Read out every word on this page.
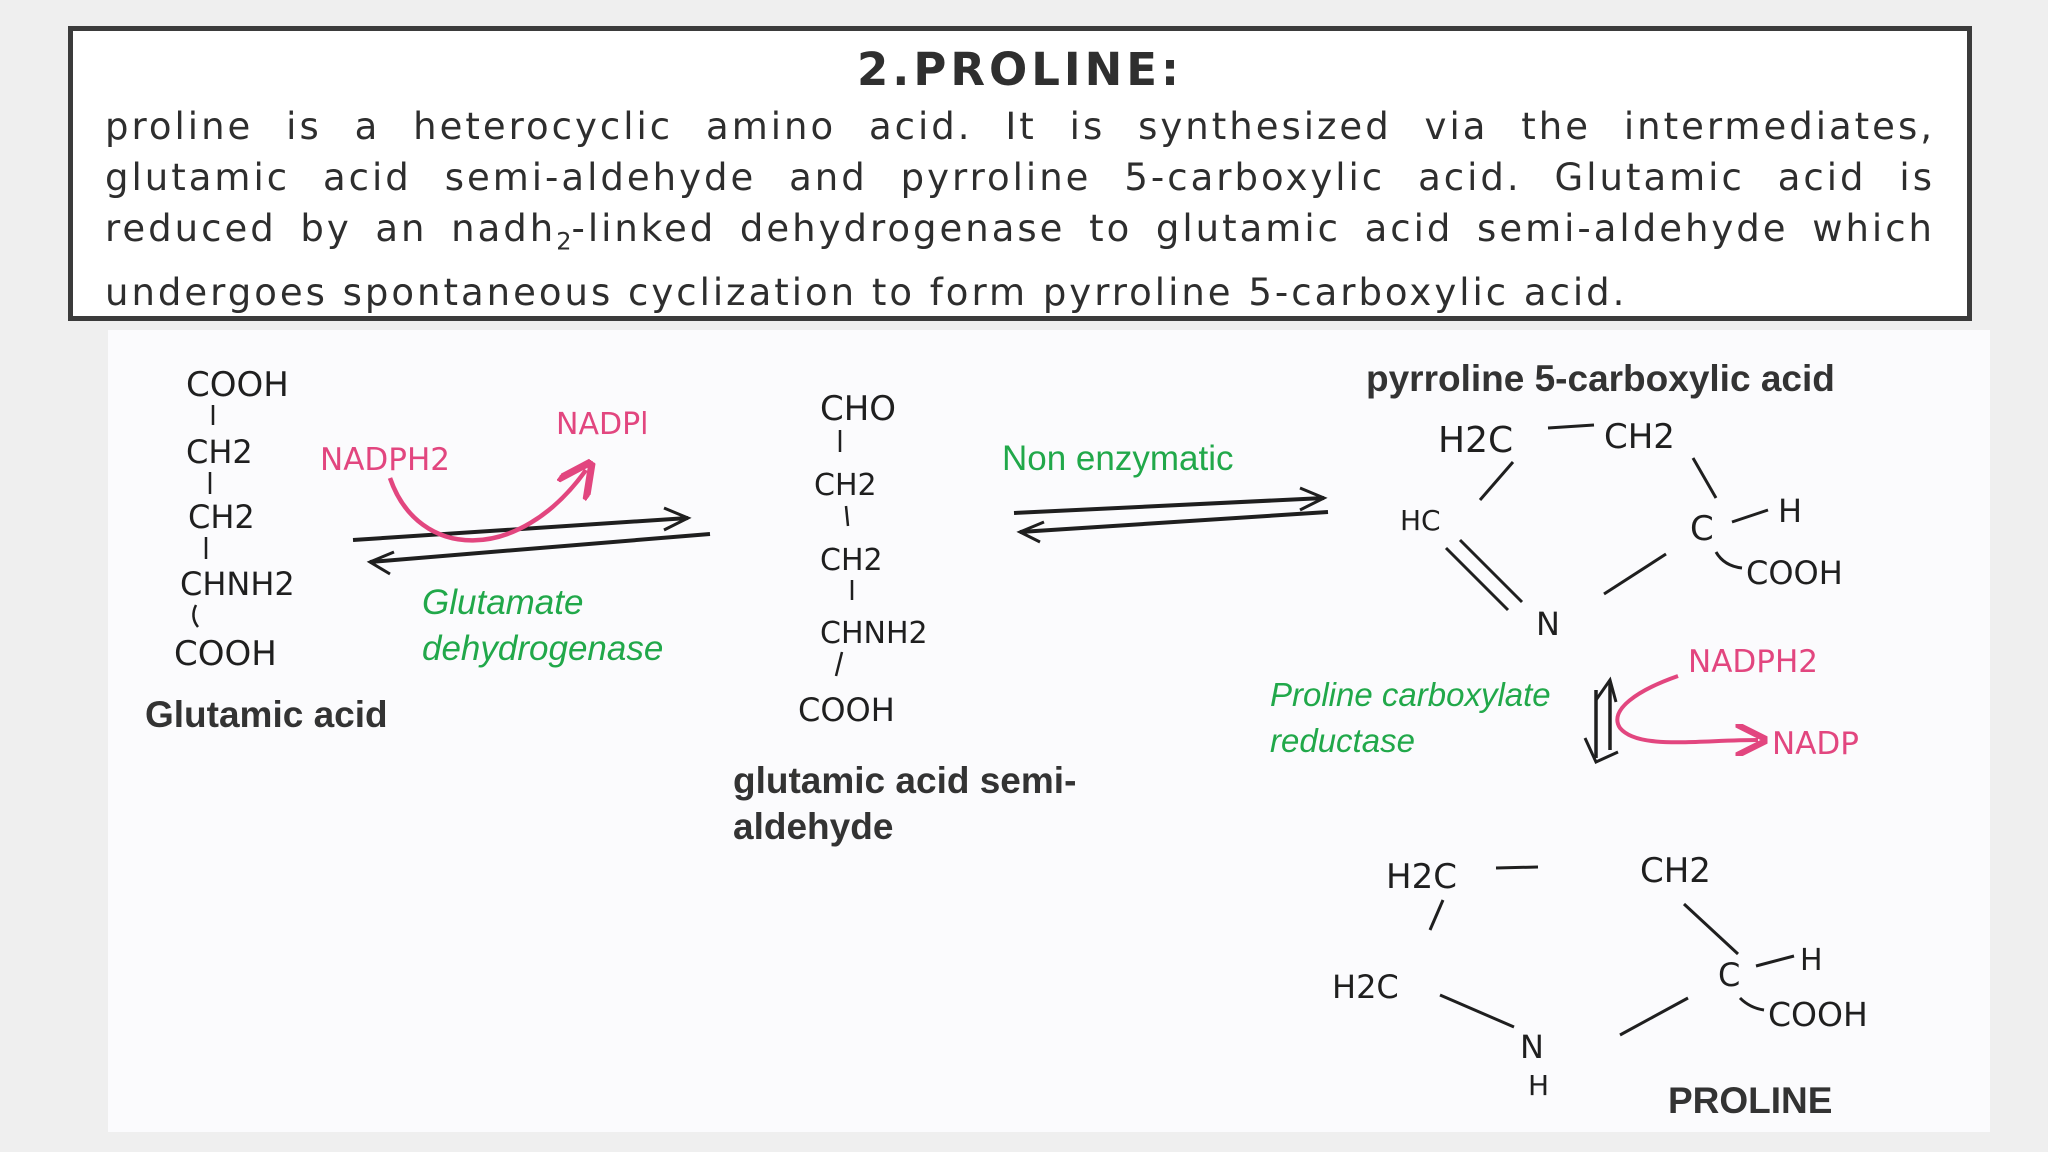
2.PROLINE:

proline is a heterocyclic amino acid. It is synthesized via the intermediates, glutamic acid semi-aldehyde and pyrroline 5-carboxylic acid. Glutamic acid is reduced by an nadh$_2$-linked dehydrogenase to glutamic acid semi-aldehyde which undergoes spontaneous cyclization to form pyrroline 5-carboxylic acid.

COOH
CH2
CH2
CHNH2
COOH
NADPH2
NADPl	CHO
CH2
CH2
CHNH2
COOH
H2C	CH2
HC
N
C H
COOH
NADPH2
NADP
H2C	CH2
H2C
N
H
C H
COOH
Glutamic acid
glutamic acid semi-
aldehyde
pyrroline 5-carboxylic acid
PROLINE
Glutamate
dehydrogenase
Non enzymatic
Proline carboxylate
reductase
